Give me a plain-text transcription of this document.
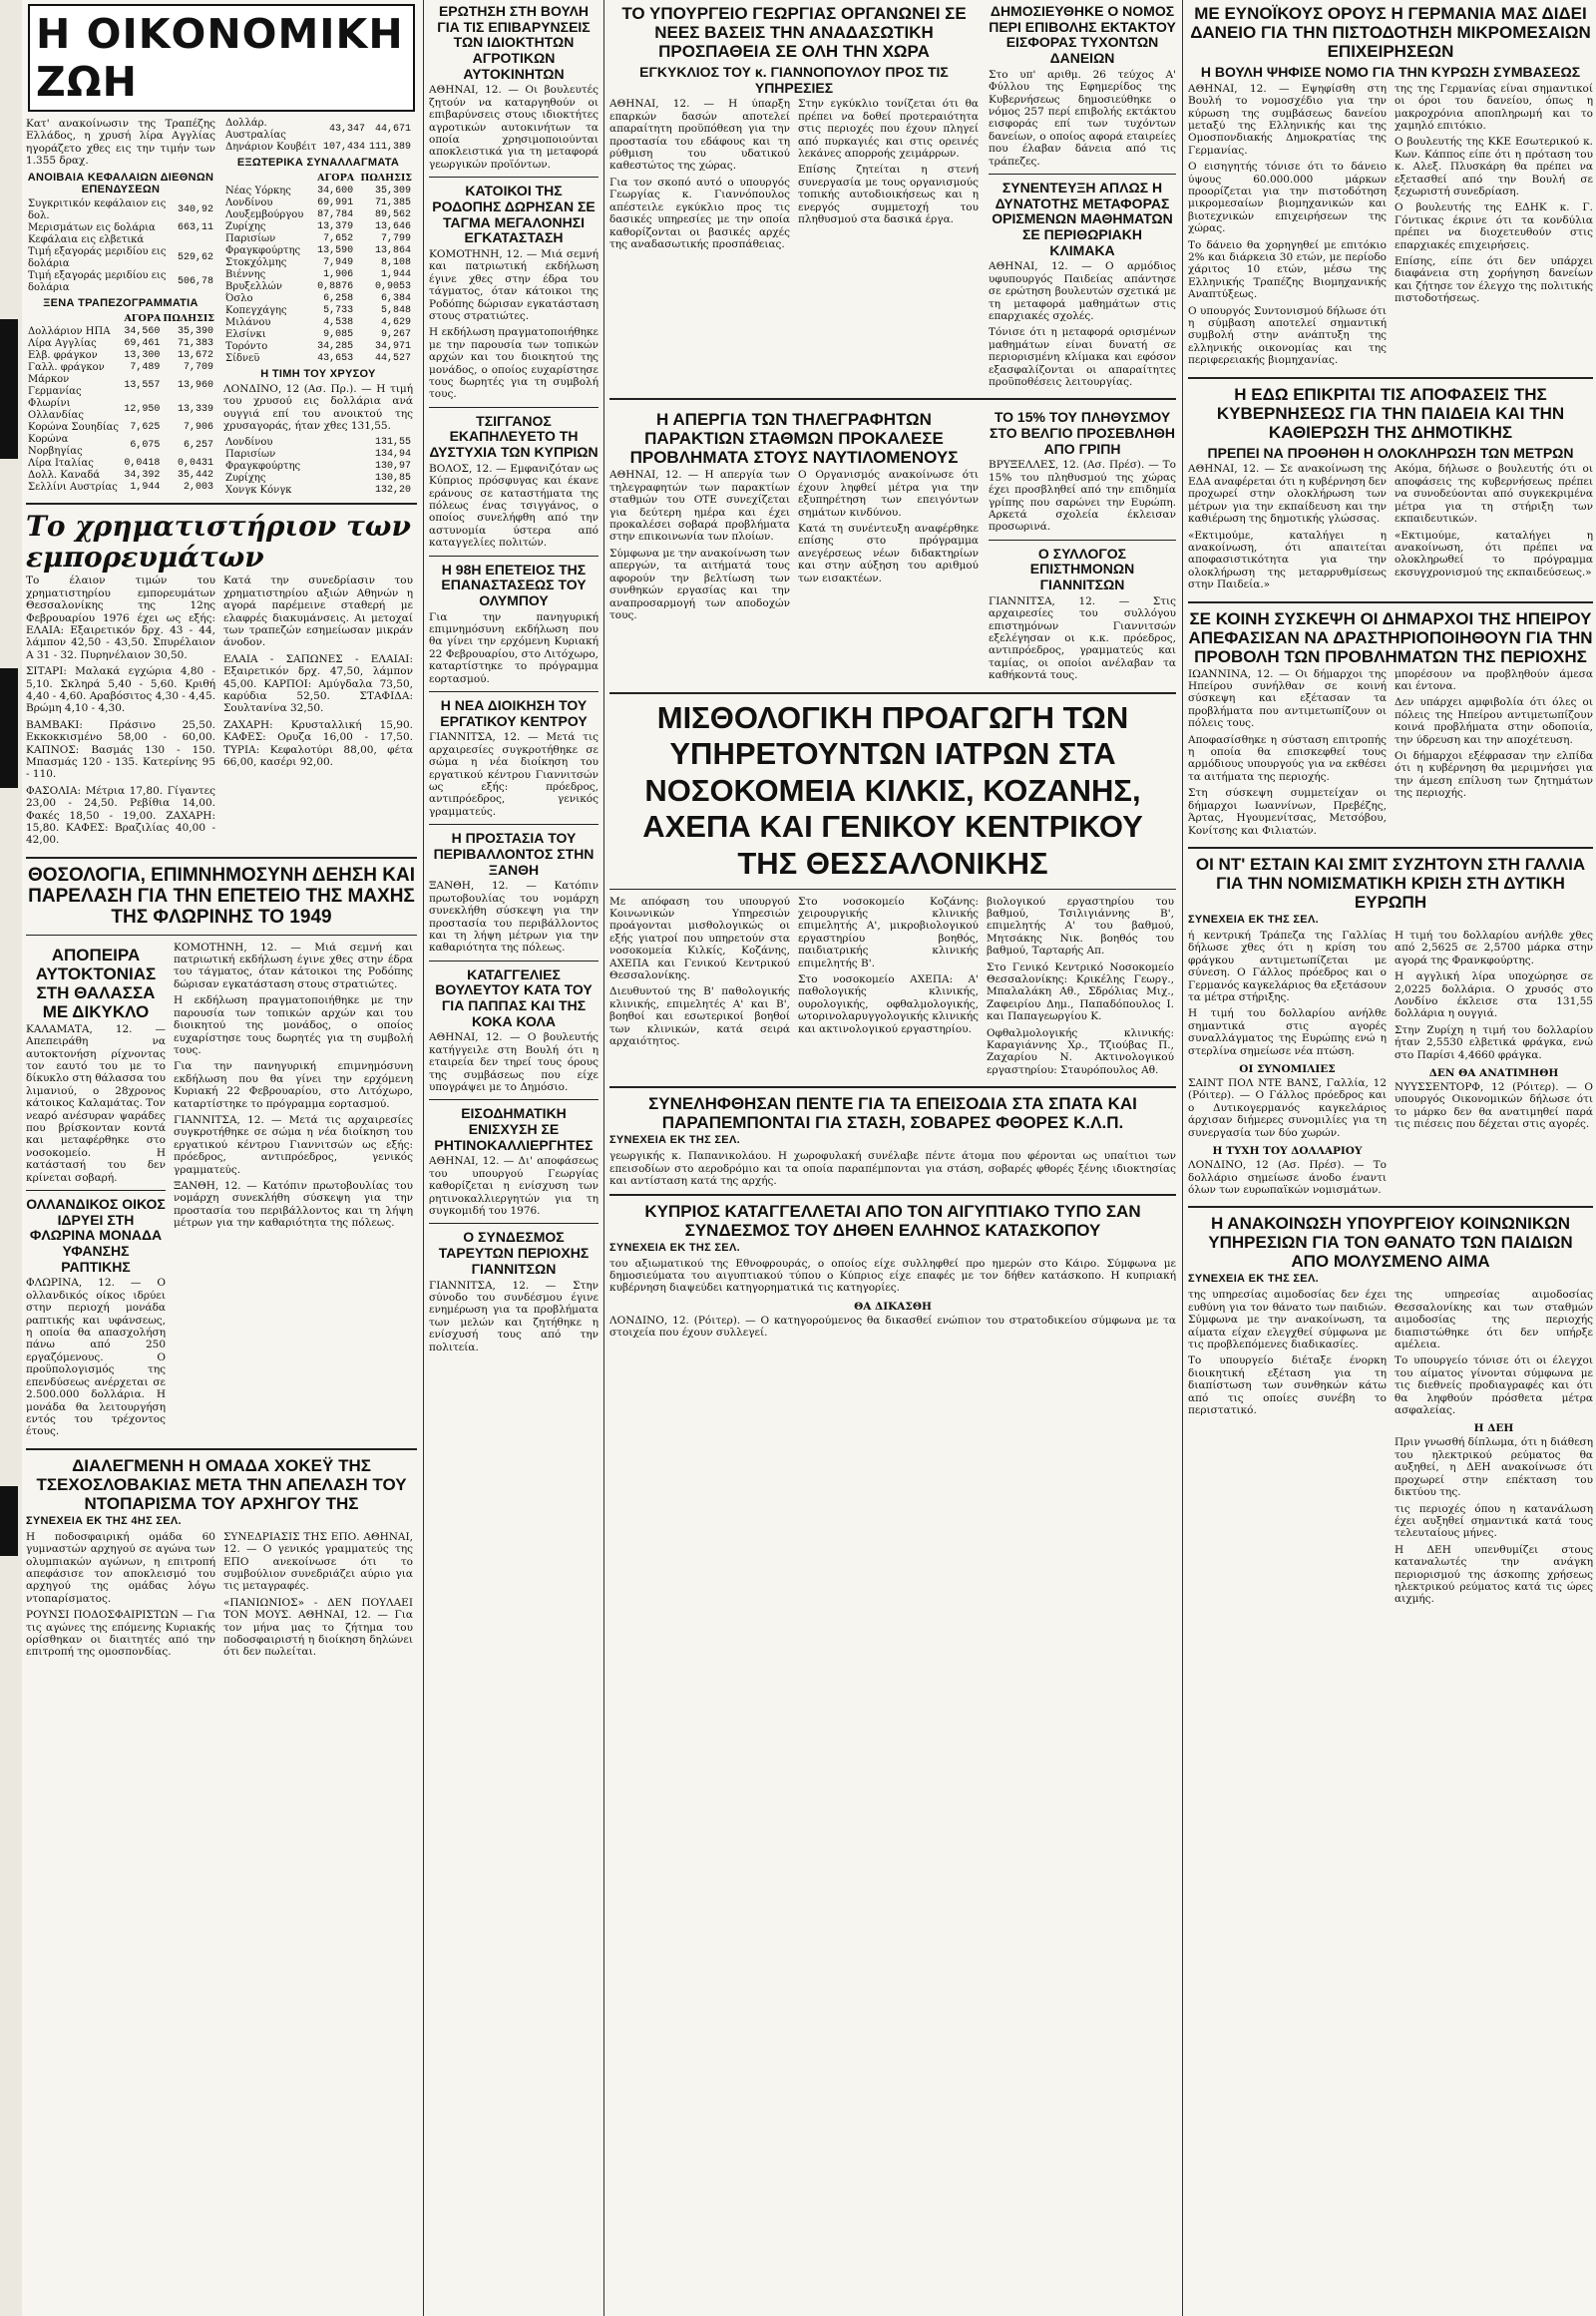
Η ΟΙΚΟΝΟΜΙΚΗ ΖΩΗ

Κατ' ανακοίνωσιν της Τραπέζης Ελλάδος, η χρυσή λίρα Αγγλίας ηγοράζετο χθες εις την τιμήν των 1.355 δραχ.

ΑΝΟΙΒΑΙΑ ΚΕΦΑΛΑΙΩΝ ΔΙΕΘΝΩΝ ΕΠΕΝΔΥΣΕΩΝ
Συγκριτικόν κεφάλαιον εις δολ.	340,92
Μερισμάτων εις δολάρια	663,11
Κεφάλαια εις ελβετικά	
Τιμή εξαγοράς μεριδίου εις δολάρια	529,62
Τιμή εξαγοράς μεριδίου εις δολάρια	506,78
ΞΕΝΑ ΤΡΑΠΕΖΟΓΡΑΜΜΑΤΙΑ
	ΑΓΟΡΑ	ΠΩΛΗΣΙΣ
Δολλάριον ΗΠΑ	34,560	35,390
Λίρα Αγγλίας	69,461	71,383
Ελβ. φράγκον	13,300	13,672
Γαλλ. φράγκον	7,489	7,709
Μάρκον Γερμανίας	13,557	13,960
Φλωρίνι Ολλανδίας	12,950	13,339
Κορώνα Σουηδίας	7,625	7,906
Κορώνα Νορβηγίας	6,075	6,257
Λίρα Ιταλίας	0,0418	0,0431
Δολλ. Καναδά	34,392	35,442
Σελλίνι Αυστρίας	1,944	2,003
Δολλάρ. Αυστραλίας	43,347	44,671
Δηνάριον Κουβέιτ	107,434	111,389
ΕΞΩΤΕΡΙΚΑ ΣΥΝΑΛΛΑΓΜΑΤΑ
	ΑΓΟΡΑ	ΠΩΛΗΣΙΣ
Νέας Υόρκης	34,600	35,309
Λονδίνου	69,991	71,385
Λουξεμβούργου	87,784	89,562
Ζυρίχης	13,379	13,646
Παρισίων	7,652	7,799
Φραγκφούρτης	13,590	13,864
Στοκχόλμης	7,949	8,108
Βιέννης	1,906	1,944
Βρυξελλών	0,8876	0,9053
Όσλο	6,258	6,384
Κοπεγχάγης	5,733	5,848
Μιλάνου	4,538	4,629
Ελσίνκι	9,085	9,267
Τορόντο	34,285	34,971
Σίδνεϋ	43,653	44,527
Η ΤΙΜΗ ΤΟΥ ΧΡΥΣΟΥ

ΛΟΝΔΙΝΟ, 12 (Ασ. Πρ.). — Η τιμή του χρυσού εις δολλάρια ανά ουγγιά επί του ανοικτού της χρυσαγοράς, ήταν χθες 131,55.

Λονδίνου	131,55
Παρισίων	134,94
Φραγκφούρτης	130,97
Ζυρίχης	130,85
Χονγκ Κόνγκ	132,20
Το χρηματιστήριον των εμπορευμάτων

Το έλαιον τιμών του χρηματιστηρίου εμπορευμάτων Θεσσαλονίκης της 12ης Φεβρουαρίου 1976 έχει ως εξής: ΕΛΑΙΑ: Εξαιρετικόν δρχ. 43 - 44, λάμπον 42,50 - 43,50. Σπυρέλαιον Α 31 - 32. Πυρηνέλαιον 30,50.

ΣΙΤΑΡΙ: Μαλακά εγχώρια 4,80 - 5,10. Σκληρά 5,40 - 5,60. Κριθή 4,40 - 4,60. Αραβόσιτος 4,30 - 4,45. Βρώμη 4,10 - 4,30.

ΒΑΜΒΑΚΙ: Πράσινο 25,50. Εκκοκκισμένο 58,00 - 60,00. ΚΑΠΝΟΣ: Βασμάς 130 - 150. Μπασμάς 120 - 135. Κατερίνης 95 - 110.

ΦΑΣΟΛΙΑ: Μέτρια 17,80. Γίγαντες 23,00 - 24,50. Ρεβίθια 14,00. Φακές 18,50 - 19,00. ΖΑΧΑΡΗ: 15,80. ΚΑΦΕΣ: Βραζιλίας 40,00 - 42,00.

Κατά την συνεδρίασιν του χρηματιστηρίου αξιών Αθηνών η αγορά παρέμεινε σταθερή με ελαφρές διακυμάνσεις. Αι μετοχαί των τραπεζών εσημείωσαν μικράν άνοδον.

ΕΛΑΙΑ - ΣΑΠΩΝΕΣ - ΕΛΑΙΑΙ: Εξαιρετικόν δρχ. 47,50, λάμπον 45,00. ΚΑΡΠΟΙ: Αμύγδαλα 73,50, καρύδια 52,50. ΣΤΑΦΙΔΑ: Σουλτανίνα 32,50.

ΖΑΧΑΡΗ: Κρυσταλλική 15,90. ΚΑΦΕΣ: Ορυζα 16,00 - 17,50. ΤΥΡΙΑ: Κεφαλοτύρι 88,00, φέτα 66,00, κασέρι 92,00.

ΘΟΣΟΛΟΓΙΑ, ΕΠΙΜΝΗΜΟΣΥΝΗ ΔΕΗΣΗ ΚΑΙ ΠΑΡΕΛΑΣΗ ΓΙΑ ΤΗΝ ΕΠΕΤΕΙΟ ΤΗΣ ΜΑΧΗΣ ΤΗΣ ΦΛΩΡΙΝΗΣ ΤΟ 1949
ΑΠΟΠΕΙΡΑ ΑΥΤΟΚΤΟΝΙΑΣ ΣΤΗ ΘΑΛΑΣΣΑ ΜΕ ΔΙΚΥΚΛΟ

ΚΑΛΑΜΑΤΑ, 12. — Απεπειράθη να αυτοκτονήση ρίχνοντας τον εαυτό του με το δίκυκλο στη θάλασσα του λιμανιού, ο 28χρονος κάτοικος Καλαμάτας. Τον νεαρό ανέσυραν ψαράδες που βρίσκονταν κοντά και μεταφέρθηκε στο νοσοκομείο. Η κατάστασή του δεν κρίνεται σοβαρή.

ΟΛΛΑΝΔΙΚΟΣ ΟΙΚΟΣ ΙΔΡΥΕΙ ΣΤΗ ΦΛΩΡΙΝΑ ΜΟΝΑΔΑ ΥΦΑΝΣΗΣ ΡΑΠΤΙΚΗΣ

ΦΛΩΡΙΝΑ, 12. — Ο ολλανδικός οίκος ιδρύει στην περιοχή μονάδα ραπτικής και υφάνσεως, η οποία θα απασχολήση πάνω από 250 εργαζόμενους. Ο προϋπολογισμός της επενδύσεως ανέρχεται σε 2.500.000 δολλάρια. Η μονάδα θα λειτουργήση εντός του τρέχοντος έτους.

ΚΟΜΟΤΗΝΗ, 12. — Μιά σεμνή και πατριωτική εκδήλωση έγινε χθες στην έδρα του τάγματος, όταν κάτοικοι της Ροδόπης δώρισαν εγκατάσταση στους στρατιώτες.

Η εκδήλωση πραγματοποιήθηκε με την παρουσία των τοπικών αρχών και του διοικητού της μονάδος, ο οποίος ευχαρίστησε τους δωρητές για τη συμβολή τους.

Για την πανηγυρική επιμνημόσυνη εκδήλωση που θα γίνει την ερχόμενη Κυριακή 22 Φεβρουαρίου, στο Λιτόχωρο, καταρτίστηκε το πρόγραμμα εορτασμού.

ΓΙΑΝΝΙΤΣΑ, 12. — Μετά τις αρχαιρεσίες συγκροτήθηκε σε σώμα η νέα διοίκηση του εργατικού κέντρου Γιαννιτσών ως εξής: πρόεδρος, αντιπρόεδρος, γενικός γραμματεύς.

ΞΑΝΘΗ, 12. — Κατόπιν πρωτοβουλίας του νομάρχη συνεκλήθη σύσκεψη για την προστασία του περιβάλλοντος και τη λήψη μέτρων για την καθαριότητα της πόλεως.

ΔΙΑΛΕΓΜΕΝΗ Η ΟΜΑΔΑ ΧΟΚΕΫ ΤΗΣ ΤΣΕΧΟΣΛΟΒΑΚΙΑΣ ΜΕΤΑ ΤΗΝ ΑΠΕΛΑΣΗ ΤΟΥ ΝΤΟΠΑΡΙΣΜΑ ΤΟΥ ΑΡΧΗΓΟΥ ΤΗΣ
ΣΥΝΕΧΕΙΑ ΕΚ ΤΗΣ 4ΗΣ ΣΕΛ.

Η ποδοσφαιρική ομάδα 60 γυμναστών αρχηγού σε αγώνα των ολυμπιακών αγώνων, η επιτροπή απεφάσισε τον αποκλεισμό του αρχηγού της ομάδας λόγω ντοπαρίσματος.

ΡΟΥΝΣΙ ΠΟΔΟΣΦΑΙΡΙΣΤΩΝ — Για τις αγώνες της επόμενης Κυριακής ορίσθηκαν οι διαιτητές από την επιτροπή της ομοσπονδίας.

ΣΥΝΕΔΡΙΑΣΙΣ ΤΗΣ ΕΠΟ. ΑΘΗΝΑΙ, 12. — Ο γενικός γραμματεύς της ΕΠΟ ανεκοίνωσε ότι το συμβούλιον συνεδριάζει αύριο για τις μεταγραφές.

«ΠΑΝΙΩΝΙΟΣ» - ΔΕΝ ΠΟΥΛΑΕΙ ΤΟΝ ΜΟΥΣ. ΑΘΗΝΑΙ, 12. — Για τον μήνα μας το ζήτημα του ποδοσφαιριστή η διοίκηση δηλώνει ότι δεν πωλείται.

ΕΡΩΤΗΣΗ ΣΤΗ ΒΟΥΛΗ ΓΙΑ ΤΙΣ ΕΠΙΒΑΡΥΝΣΕΙΣ ΤΩΝ ΙΔΙΟΚΤΗΤΩΝ ΑΓΡΟΤΙΚΩΝ ΑΥΤΟΚΙΝΗΤΩΝ

ΑΘΗΝΑΙ, 12. — Οι βουλευτές ζητούν να καταργηθούν οι επιβαρύνσεις στους ιδιοκτήτες αγροτικών αυτοκινήτων τα οποία χρησιμοποιούνται αποκλειστικά για τη μεταφορά γεωργικών προϊόντων.

ΚΑΤΟΙΚΟΙ ΤΗΣ ΡΟΔΟΠΗΣ ΔΩΡΗΣΑΝ ΣΕ ΤΑΓΜΑ ΜΕΓΑΛΟΝΗΣΙ ΕΓΚΑΤΑΣΤΑΣΗ

ΚΟΜΟΤΗΝΗ, 12. — Μιά σεμνή και πατριωτική εκδήλωση έγινε χθες στην έδρα του τάγματος, όταν κάτοικοι της Ροδόπης δώρισαν εγκατάσταση στους στρατιώτες.

Η εκδήλωση πραγματοποιήθηκε με την παρουσία των τοπικών αρχών και του διοικητού της μονάδος, ο οποίος ευχαρίστησε τους δωρητές για τη συμβολή τους.

ΤΣΙΓΓΑΝΟΣ ΕΚΑΠΗΛΕΥΕΤΟ ΤΗ ΔΥΣΤΥΧΙΑ ΤΩΝ ΚΥΠΡΙΩΝ

ΒΟΛΟΣ, 12. — Εμφανιζόταν ως Κύπριος πρόσφυγας και έκανε εράνους σε καταστήματα της πόλεως ένας τσιγγάνος, ο οποίος συνελήφθη από την αστυνομία ύστερα από καταγγελίες πολιτών.

Η 98Η ΕΠΕΤΕΙΟΣ ΤΗΣ ΕΠΑΝΑΣΤΑΣΕΩΣ ΤΟΥ ΟΛΥΜΠΟΥ

Για την πανηγυρική επιμνημόσυνη εκδήλωση που θα γίνει την ερχόμενη Κυριακή 22 Φεβρουαρίου, στο Λιτόχωρο, καταρτίστηκε το πρόγραμμα εορτασμού.

Η ΝΕΑ ΔΙΟΙΚΗΣΗ ΤΟΥ ΕΡΓΑΤΙΚΟΥ ΚΕΝΤΡΟΥ

ΓΙΑΝΝΙΤΣΑ, 12. — Μετά τις αρχαιρεσίες συγκροτήθηκε σε σώμα η νέα διοίκηση του εργατικού κέντρου Γιαννιτσών ως εξής: πρόεδρος, αντιπρόεδρος, γενικός γραμματεύς.

Η ΠΡΟΣΤΑΣΙΑ ΤΟΥ ΠΕΡΙΒΑΛΛΟΝΤΟΣ ΣΤΗΝ ΞΑΝΘΗ

ΞΑΝΘΗ, 12. — Κατόπιν πρωτοβουλίας του νομάρχη συνεκλήθη σύσκεψη για την προστασία του περιβάλλοντος και τη λήψη μέτρων για την καθαριότητα της πόλεως.

ΚΑΤΑΓΓΕΛΙΕΣ ΒΟΥΛΕΥΤΟΥ ΚΑΤΑ ΤΟΥ ΓΙΑ ΠΑΠΠΑΣ ΚΑΙ ΤΗΣ ΚΟΚΑ ΚΟΛΑ

ΑΘΗΝΑΙ, 12. — Ο βουλευτής κατήγγειλε στη Βουλή ότι η εταιρεία δεν τηρεί τους όρους της συμβάσεως που είχε υπογράψει με το Δημόσιο.

ΕΙΣΟΔΗΜΑΤΙΚΗ ΕΝΙΣΧΥΣΗ ΣΕ ΡΗΤΙΝΟΚΑΛΛΙΕΡΓΗΤΕΣ

ΑΘΗΝΑΙ, 12. — Δι' αποφάσεως του υπουργού Γεωργίας καθορίζεται η ενίσχυση των ρητινοκαλλιεργητών για τη συγκομιδή του 1976.

Ο ΣΥΝΔΕΣΜΟΣ ΤΑΡΕΥΤΩΝ ΠΕΡΙΟΧΗΣ ΓΙΑΝΝΙΤΣΩΝ

ΓΙΑΝΝΙΤΣΑ, 12. — Στην σύνοδο του συνδέσμου έγινε ενημέρωση για τα προβλήματα των μελών και ζητήθηκε η ενίσχυσή τους από την πολιτεία.

ΤΟ ΥΠΟΥΡΓΕΙΟ ΓΕΩΡΓΙΑΣ ΟΡΓΑΝΩΝΕΙ ΣΕ ΝΕΕΣ ΒΑΣΕΙΣ ΤΗΝ ΑΝΑΔΑΣΩΤΙΚΗ ΠΡΟΣΠΑΘΕΙΑ ΣΕ ΟΛΗ ΤΗΝ ΧΩΡΑ
ΕΓΚΥΚΛΙΟΣ ΤΟΥ κ. ΓΙΑΝΝΟΠΟΥΛΟΥ ΠΡΟΣ ΤΙΣ ΥΠΗΡΕΣΙΕΣ

ΑΘΗΝΑΙ, 12. — Η ύπαρξη επαρκών δασών αποτελεί απαραίτητη προϋπόθεση για την προστασία του εδάφους και τη ρύθμιση του υδατικού καθεστώτος της χώρας.

Για τον σκοπό αυτό ο υπουργός Γεωργίας κ. Γιαννόπουλος απέστειλε εγκύκλιο προς τις δασικές υπηρεσίες με την οποία καθορίζονται οι βασικές αρχές της αναδασωτικής προσπάθειας.

Στην εγκύκλιο τονίζεται ότι θα πρέπει να δοθεί προτεραιότητα στις περιοχές που έχουν πληγεί από πυρκαγιές και στις ορεινές λεκάνες απορροής χειμάρρων.

Επίσης ζητείται η στενή συνεργασία με τους οργανισμούς τοπικής αυτοδιοικήσεως και η ενεργός συμμετοχή του πληθυσμού στα δασικά έργα.

ΔΗΜΟΣΙΕΥΘΗΚΕ Ο ΝΟΜΟΣ ΠΕΡΙ ΕΠΙΒΟΛΗΣ ΕΚΤΑΚΤΟΥ ΕΙΣΦΟΡΑΣ ΤΥΧΟΝΤΩΝ ΔΑΝΕΙΩΝ

Στο υπ' αριθμ. 26 τεύχος Α' Φύλλου της Εφημερίδος της Κυβερνήσεως δημοσιεύθηκε ο νόμος 257 περί επιβολής εκτάκτου εισφοράς επί των τυχόντων δανείων, ο οποίος αφορά εταιρείες που έλαβαν δάνεια από τις τράπεζες.

ΣΥΝΕΝΤΕΥΞΗ ΑΠΛΩΣ Η ΔΥΝΑΤΟΤΗΣ ΜΕΤΑΦΟΡΑΣ ΟΡΙΣΜΕΝΩΝ ΜΑΘΗΜΑΤΩΝ ΣΕ ΠΕΡΙΘΩΡΙΑΚΗ ΚΛΙΜΑΚΑ

ΑΘΗΝΑΙ, 12. — Ο αρμόδιος υφυπουργός Παιδείας απάντησε σε ερώτηση βουλευτών σχετικά με τη μεταφορά μαθημάτων στις επαρχιακές σχολές.

Τόνισε ότι η μεταφορά ορισμένων μαθημάτων είναι δυνατή σε περιορισμένη κλίμακα και εφόσον εξασφαλίζονται οι απαραίτητες προϋποθέσεις λειτουργίας.

Η ΑΠΕΡΓΙΑ ΤΩΝ ΤΗΛΕΓΡΑΦΗΤΩΝ ΠΑΡΑΚΤΙΩΝ ΣΤΑΘΜΩΝ ΠΡΟΚΑΛΕΣΕ ΠΡΟΒΛΗΜΑΤΑ ΣΤΟΥΣ ΝΑΥΤΙΛΟΜΕΝΟΥΣ

ΑΘΗΝΑΙ, 12. — Η απεργία των τηλεγραφητών των παρακτίων σταθμών του ΟΤΕ συνεχίζεται για δεύτερη ημέρα και έχει προκαλέσει σοβαρά προβλήματα στην επικοινωνία των πλοίων.

Σύμφωνα με την ανακοίνωση των απεργών, τα αιτήματά τους αφορούν την βελτίωση των συνθηκών εργασίας και την αναπροσαρμογή των αποδοχών τους.

Ο Οργανισμός ανακοίνωσε ότι έχουν ληφθεί μέτρα για την εξυπηρέτηση των επειγόντων σημάτων κινδύνου.

Κατά τη συνέντευξη αναφέρθηκε επίσης στο πρόγραμμα ανεγέρσεως νέων διδακτηρίων και στην αύξηση του αριθμού των εισακτέων.

ΤΟ 15% ΤΟΥ ΠΛΗΘΥΣΜΟΥ ΣΤΟ ΒΕΛΓΙΟ ΠΡΟΣΕΒΛΗΘΗ ΑΠΟ ΓΡΙΠΗ

ΒΡΥΞΕΛΛΕΣ, 12. (Ασ. Πρέσ). — Το 15% του πληθυσμού της χώρας έχει προσβληθεί από την επιδημία γρίπης που σαρώνει την Ευρώπη. Αρκετά σχολεία έκλεισαν προσωρινά.

Ο ΣΥΛΛΟΓΟΣ ΕΠΙΣΤΗΜΟΝΩΝ ΓΙΑΝΝΙΤΣΩΝ

ΓΙΑΝΝΙΤΣΑ, 12. — Στις αρχαιρεσίες του συλλόγου επιστημόνων Γιαννιτσών εξελέγησαν οι κ.κ. πρόεδρος, αντιπρόεδρος, γραμματεύς και ταμίας, οι οποίοι ανέλαβαν τα καθήκοντά τους.

ΜΙΣΘΟΛΟΓΙΚΗ ΠΡΟΑΓΩΓΗ ΤΩΝ ΥΠΗΡΕΤΟΥΝΤΩΝ ΙΑΤΡΩΝ ΣΤΑ ΝΟΣΟΚΟΜΕΙΑ ΚΙΛΚΙΣ, ΚΟΖΑΝΗΣ, ΑΧΕΠΑ ΚΑΙ ΓΕΝΙΚΟΥ ΚΕΝΤΡΙΚΟΥ ΤΗΣ ΘΕΣΣΑΛΟΝΙΚΗΣ

Με απόφαση του υπουργού Κοινωνικών Υπηρεσιών προάγονται μισθολογικώς οι εξής γιατροί που υπηρετούν στα νοσοκομεία Κιλκίς, Κοζάνης, ΑΧΕΠΑ και Γενικού Κεντρικού Θεσσαλονίκης.

Διευθυντού της Β' παθολογικής κλινικής, επιμελητές Α' και Β', βοηθοί και εσωτερικοί βοηθοί των κλινικών, κατά σειρά αρχαιότητος.

Στο νοσοκομείο Κοζάνης: χειρουργικής κλινικής επιμελητής Α', μικροβιολογικού εργαστηρίου βοηθός, παιδιατρικής κλινικής επιμελητής Β'.

Στο νοσοκομείο ΑΧΕΠΑ: Α' παθολογικής κλινικής, ουρολογικής, οφθαλμολογικής, ωτορινολαρυγγολογικής κλινικής και ακτινολογικού εργαστηρίου.

βιολογικού εργαστηρίου του βαθμού, Τσιλιγιάννης Β', επιμελητής Α' του βαθμού, Μητσάκης Νικ. βοηθός του βαθμού, Ταρταρής Απ.

Στο Γενικό Κεντρικό Νοσοκομείο Θεσσαλονίκης: Κρικέλης Γεωργ., Μπαλαλάκη Αθ., Σδρόλιας Μιχ., Ζαφειρίου Δημ., Παπαδόπουλος Ι. και Παπαγεωργίου Κ.

Οφθαλμολογικής κλινικής: Καραγιάννης Χρ., Τζιούβας Π., Ζαχαρίου Ν. Ακτινολογικού εργαστηρίου: Σταυρόπουλος Αθ.

ΣΥΝΕΛΗΦΘΗΣΑΝ ΠΕΝΤΕ ΓΙΑ ΤΑ ΕΠΕΙΣΟΔΙΑ ΣΤΑ ΣΠΑΤΑ ΚΑΙ ΠΑΡΑΠΕΜΠΟΝΤΑΙ ΓΙΑ ΣΤΑΣΗ, ΣΟΒΑΡΕΣ ΦΘΟΡΕΣ Κ.Λ.Π.
ΣΥΝΕΧΕΙΑ ΕΚ ΤΗΣ ΣΕΛ.

γεωργικής κ. Παπανικολάου. Η χωροφυλακή συνέλαβε πέντε άτομα που φέρονται ως υπαίτιοι των επεισοδίων στο αεροδρόμιο και τα οποία παραπέμπονται για στάση, σοβαρές φθορές ξένης ιδιοκτησίας και αντίσταση κατά της αρχής.

ΚΥΠΡΙΟΣ ΚΑΤΑΓΓΕΛΛΕΤΑΙ ΑΠΟ ΤΟΝ ΑΙΓΥΠΤΙΑΚΟ ΤΥΠΟ ΣΑΝ ΣΥΝΔΕΣΜΟΣ ΤΟΥ ΔΗΘΕΝ ΕΛΛΗΝΟΣ ΚΑΤΑΣΚΟΠΟΥ
ΣΥΝΕΧΕΙΑ ΕΚ ΤΗΣ ΣΕΛ.

του αξιωματικού της Εθνοφρουράς, ο οποίος είχε συλληφθεί προ ημερών στο Κάιρο. Σύμφωνα με δημοσιεύματα του αιγυπτιακού τύπου ο Κύπριος είχε επαφές με τον δήθεν κατάσκοπο. Η κυπριακή κυβέρνηση διαψεύδει κατηγορηματικά τις κατηγορίες.

ΘΑ ΔΙΚΑΣΘΗ

ΛΟΝΔΙΝΟ, 12. (Ρόιτερ). — Ο κατηγορούμενος θα δικασθεί ενώπιον του στρατοδικείου σύμφωνα με τα στοιχεία που έχουν συλλεγεί.

ΜΕ ΕΥΝΟΪΚΟΥΣ ΟΡΟΥΣ Η ΓΕΡΜΑΝΙΑ ΜΑΣ ΔΙΔΕΙ ΔΑΝΕΙΟ ΓΙΑ ΤΗΝ ΠΙΣΤΟΔΟΤΗΣΗ ΜΙΚΡΟΜΕΣΑΙΩΝ ΕΠΙΧΕΙΡΗΣΕΩΝ
Η ΒΟΥΛΗ ΨΗΦΙΣΕ ΝΟΜΟ ΓΙΑ ΤΗΝ ΚΥΡΩΣΗ ΣΥΜΒΑΣΕΩΣ

ΑΘΗΝΑΙ, 12. — Εψηφίσθη στη Βουλή το νομοσχέδιο για την κύρωση της συμβάσεως δανείου μεταξύ της Ελληνικής και της Ομοσπονδιακής Δημοκρατίας της Γερμανίας.

Ο εισηγητής τόνισε ότι το δάνειο ύψους 60.000.000 μάρκων προορίζεται για την πιστοδότηση μικρομεσαίων βιομηχανικών και βιοτεχνικών επιχειρήσεων της χώρας.

Το δάνειο θα χορηγηθεί με επιτόκιο 2% και διάρκεια 30 ετών, με περίοδο χάριτος 10 ετών, μέσω της Ελληνικής Τραπέζης Βιομηχανικής Αναπτύξεως.

Ο υπουργός Συντονισμού δήλωσε ότι η σύμβαση αποτελεί σημαντική συμβολή στην ανάπτυξη της ελληνικής οικονομίας και της περιφερειακής βιομηχανίας.

της της Γερμανίας είναι σημαντικοί οι όροι του δανείου, όπως η μακροχρόνια αποπληρωμή και το χαμηλό επιτόκιο.

Ο βουλευτής της ΚΚΕ Εσωτερικού κ. Κων. Κάππος είπε ότι η πρόταση του κ. Αλεξ. Πλυσκάρη θα πρέπει να εξετασθεί από την Βουλή σε ξεχωριστή συνεδρίαση.

Ο βουλευτής της ΕΔΗΚ κ. Γ. Γόντικας έκρινε ότι τα κονδύλια πρέπει να διοχετευθούν στις επαρχιακές επιχειρήσεις.

Επίσης, είπε ότι δεν υπάρχει διαφάνεια στη χορήγηση δανείων και ζήτησε τον έλεγχο της πολιτικής πιστοδοτήσεως.

Η ΕΔΩ ΕΠΙΚΡΙΤΑΙ ΤΙΣ ΑΠΟΦΑΣΕΙΣ ΤΗΣ ΚΥΒΕΡΝΗΣΕΩΣ ΓΙΑ ΤΗΝ ΠΑΙΔΕΙΑ ΚΑΙ ΤΗΝ ΚΑΘΙΕΡΩΣΗ ΤΗΣ ΔΗΜΟΤΙΚΗΣ
ΠΡΕΠΕΙ ΝΑ ΠΡΟΘΗΘΗ Η ΟΛΟΚΛΗΡΩΣΗ ΤΩΝ ΜΕΤΡΩΝ

ΑΘΗΝΑΙ, 12. — Σε ανακοίνωση της ΕΔΑ αναφέρεται ότι η κυβέρνηση δεν προχωρεί στην ολοκλήρωση των μέτρων για την εκπαίδευση και την καθιέρωση της δημοτικής γλώσσας.

«Εκτιμούμε, καταλήγει η ανακοίνωση, ότι απαιτείται αποφασιστικότητα για την ολοκλήρωση της μεταρρυθμίσεως στην Παιδεία.»

Ακόμα, δήλωσε ο βουλευτής ότι οι αποφάσεις της κυβερνήσεως πρέπει να συνοδεύονται από συγκεκριμένα μέτρα για τη στήριξη των εκπαιδευτικών.

«Εκτιμούμε, καταλήγει η ανακοίνωση, ότι πρέπει να ολοκληρωθεί το πρόγραμμα εκσυγχρονισμού της εκπαιδεύσεως.»

ΣΕ ΚΟΙΝΗ ΣΥΣΚΕΨΗ ΟΙ ΔΗΜΑΡΧΟΙ ΤΗΣ ΗΠΕΙΡΟΥ ΑΠΕΦΑΣΙΣΑΝ ΝΑ ΔΡΑΣΤΗΡΙΟΠΟΙΗΘΟΥΝ ΓΙΑ ΤΗΝ ΠΡΟΒΟΛΗ ΤΩΝ ΠΡΟΒΛΗΜΑΤΩΝ ΤΗΣ ΠΕΡΙΟΧΗΣ

ΙΩΑΝΝΙΝΑ, 12. — Οι δήμαρχοι της Ηπείρου συνήλθαν σε κοινή σύσκεψη και εξέτασαν τα προβλήματα που αντιμετωπίζουν οι πόλεις τους.

Αποφασίσθηκε η σύσταση επιτροπής η οποία θα επισκεφθεί τους αρμόδιους υπουργούς για να εκθέσει τα αιτήματα της περιοχής.

Στη σύσκεψη συμμετείχαν οι δήμαρχοι Ιωαννίνων, Πρεβέζης, Άρτας, Ηγουμενίτσας, Μετσόβου, Κονίτσης και Φιλιατών.

μπορέσουν να προβληθούν άμεσα και έντονα.

Δεν υπάρχει αμφιβολία ότι όλες οι πόλεις της Ηπείρου αντιμετωπίζουν κοινά προβλήματα στην οδοποιία, την ύδρευση και την αποχέτευση.

Οι δήμαρχοι εξέφρασαν την ελπίδα ότι η κυβέρνηση θα μεριμνήσει για την άμεση επίλυση των ζητημάτων της περιοχής.

ΟΙ ΝΤ' ΕΣΤΑΙΝ ΚΑΙ ΣΜΙΤ ΣΥΖΗΤΟΥΝ ΣΤΗ ΓΑΛΛΙΑ ΓΙΑ ΤΗΝ ΝΟΜΙΣΜΑΤΙΚΗ ΚΡΙΣΗ ΣΤΗ ΔΥΤΙΚΗ ΕΥΡΩΠΗ
ΣΥΝΕΧΕΙΑ ΕΚ ΤΗΣ ΣΕΛ.

ή κεντρική Τράπεζα της Γαλλίας δήλωσε χθες ότι η κρίση του φράγκου αντιμετωπίζεται με σύνεση. Ο Γάλλος πρόεδρος και ο Γερμανός καγκελάριος θα εξετάσουν τα μέτρα στήριξης.

Η τιμή του δολλαρίου ανήλθε σημαντικά στις αγορές συναλλάγματος της Ευρώπης ενώ η στερλίνα σημείωσε νέα πτώση.

ΟΙ ΣΥΝΟΜΙΛΙΕΣ

ΣΑΙΝΤ ΠΟΛ ΝΤΕ ΒΑΝΣ, Γαλλία, 12 (Ρόιτερ). — Ο Γάλλος πρόεδρος και ο Δυτικογερμανός καγκελάριος άρχισαν διήμερες συνομιλίες για τη συνεργασία των δύο χωρών.

Η ΤΥΧΗ ΤΟΥ ΔΟΛΛΑΡΙΟΥ

ΛΟΝΔΙΝΟ, 12 (Ασ. Πρέσ). — Το δολλάριο σημείωσε άνοδο έναντι όλων των ευρωπαϊκών νομισμάτων.

Η τιμή του δολλαρίου ανήλθε χθες από 2,5625 σε 2,5700 μάρκα στην αγορά της Φρανκφούρτης.

Η αγγλική λίρα υποχώρησε σε 2,0225 δολλάρια. Ο χρυσός στο Λονδίνο έκλεισε στα 131,55 δολλάρια η ουγγιά.

Στην Ζυρίχη η τιμή του δολλαρίου ήταν 2,5530 ελβετικά φράγκα, ενώ στο Παρίσι 4,4660 φράγκα.

ΔΕΝ ΘΑ ΑΝΑΤΙΜΗΘΗ

ΝΥΥΣΣΕΝΤΟΡΦ, 12 (Ρόιτερ). — Ο υπουργός Οικονομικών δήλωσε ότι το μάρκο δεν θα ανατιμηθεί παρά τις πιέσεις που δέχεται στις αγορές.

Η ΑΝΑΚΟΙΝΩΣΗ ΥΠΟΥΡΓΕΙΟΥ ΚΟΙΝΩΝΙΚΩΝ ΥΠΗΡΕΣΙΩΝ ΓΙΑ ΤΟΝ ΘΑΝΑΤΟ ΤΩΝ ΠΑΙΔΙΩΝ ΑΠΟ ΜΟΛΥΣΜΕΝΟ ΑΙΜΑ
ΣΥΝΕΧΕΙΑ ΕΚ ΤΗΣ ΣΕΛ.

της υπηρεσίας αιμοδοσίας δεν έχει ευθύνη για τον θάνατο των παιδιών. Σύμφωνα με την ανακοίνωση, τα αίματα είχαν ελεγχθεί σύμφωνα με τις προβλεπόμενες διαδικασίες.

Το υπουργείο διέταξε ένορκη διοικητική εξέταση για τη διαπίστωση των συνθηκών κάτω από τις οποίες συνέβη το περιστατικό.

της υπηρεσίας αιμοδοσίας Θεσσαλονίκης και των σταθμών αιμοδοσίας της περιοχής διαπιστώθηκε ότι δεν υπήρξε αμέλεια.

Το υπουργείο τόνισε ότι οι έλεγχοι του αίματος γίνονται σύμφωνα με τις διεθνείς προδιαγραφές και ότι θα ληφθούν πρόσθετα μέτρα ασφαλείας.

Η ΔΕΗ

Πριν γνωσθή δίπλωμα, ότι η διάθεση του ηλεκτρικού ρεύματος θα αυξηθεί, η ΔΕΗ ανακοίνωσε ότι προχωρεί στην επέκταση του δικτύου της.

τις περιοχές όπου η κατανάλωση έχει αυξηθεί σημαντικά κατά τους τελευταίους μήνες.

Η ΔΕΗ υπενθυμίζει στους καταναλωτές την ανάγκη περιορισμού της άσκοπης χρήσεως ηλεκτρικού ρεύματος κατά τις ώρες αιχμής.
